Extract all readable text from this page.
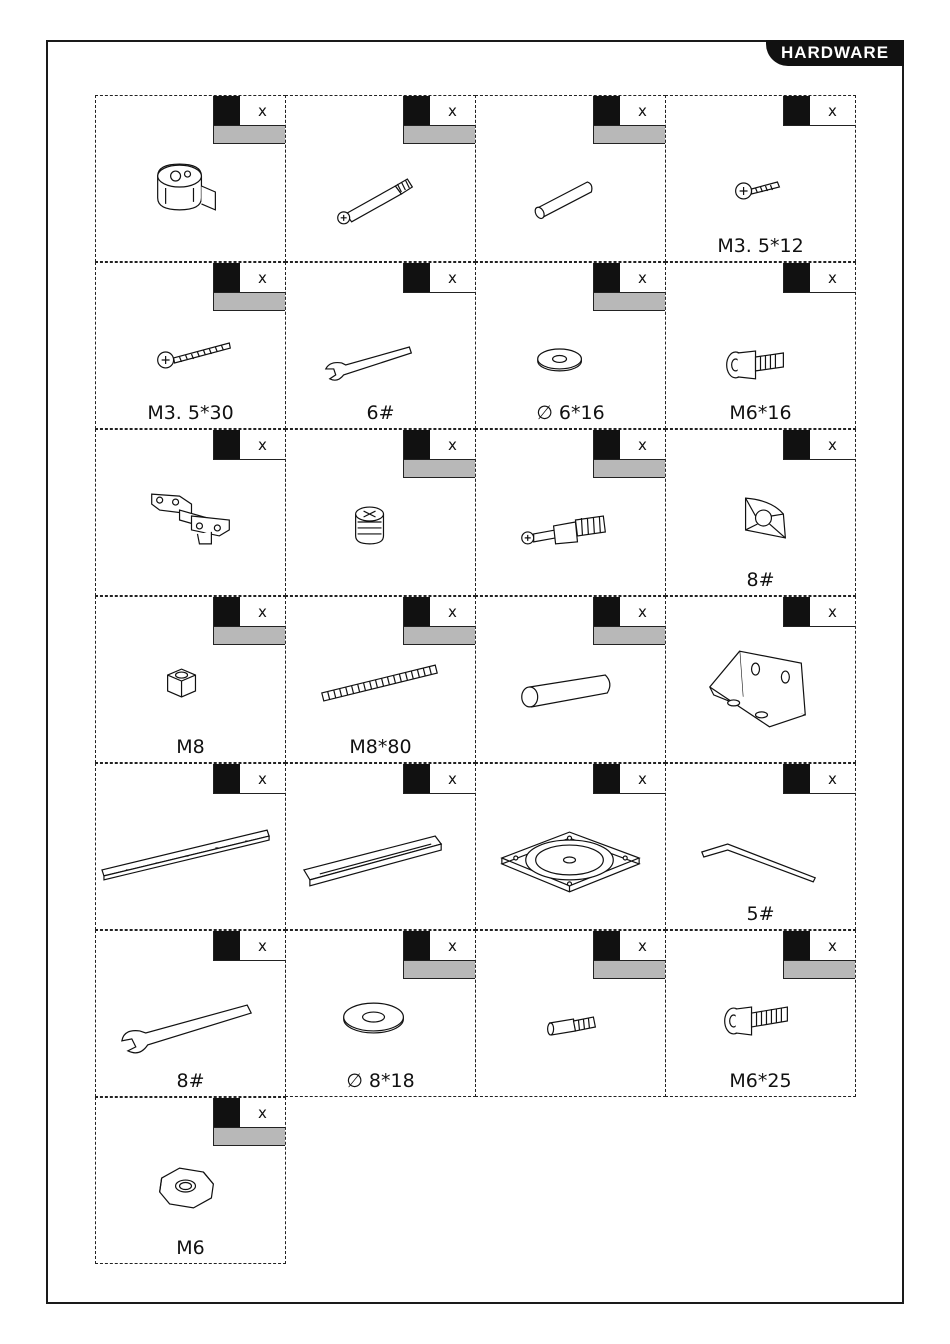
HARDWARE
x	x	x	x
M3. 5*12
x
M3. 5*30
x
6#
x
∅ 6*16
x
M6*16
x	x	x	x
8#
x
M8
x
M8*80
x	x
x	x	x	x
5#
x
8#
x
∅ 8*18
x	x
M6*25
x
M6
